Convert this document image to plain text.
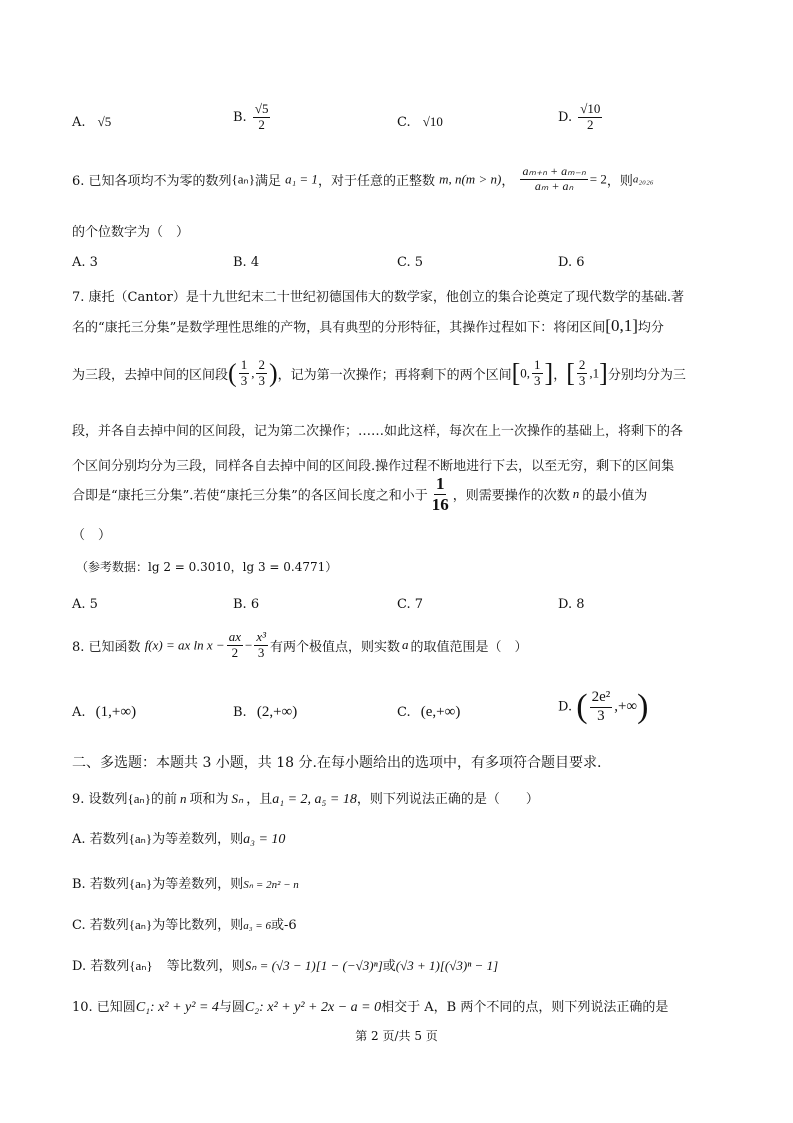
A. √5	B. $\frac{√5}{2}$	C. √10	D. $\frac{√10}{2}$
6. 已知各项均不为零的数列{aₙ}满足 a₁ = 1，对于任意的正整数 m, n(m > n)， $\frac{\text{aₘ₊ₙ + aₘ₋ₙ}}{\text{aₘ + aₙ}} = 2$，则a₂₀₂₆
的个位数字为（　）
A. 3	B. 4	C. 5	D. 6
7. 康托（Cantor）是十九世纪末二十世纪初德国伟大的数学家，他创立的集合论奠定了现代数学的基础.著
名的“康托三分集”是数学理性思维的产物，具有典型的分形特征，其操作过程如下：将闭区间[0,1]均分
为三段，去掉中间的区间段( $\frac{1}{3}$ , $\frac{2}{3}$ )，记为第一次操作；再将剩下的两个区间[0, $\frac{1}{3}$ ]，[ $\frac{2}{3} ,1$]分别均分为三
段，并各自去掉中间的区间段，记为第二次操作；……如此这样，每次在上一次操作的基础上，将剩下的各
个区间分别均分为三段，同样各自去掉中间的区间段.操作过程不断地进行下去，以至无穷，剩下的区间集
合即是“康托三分集”.若使“康托三分集”的各区间长度之和小于 $\frac{1}{16}$ ，则需要操作的次数 n 的最小值为
（　）
（参考数据：lg 2 = 0.3010，lg 3 = 0.4771）
A. 5	B. 6	C. 7	D. 8
8. 已知函数 f(x) = ax $\ln x - \frac{ax}{2} - \frac{\text{x³}}{3}$ 有两个极值点，则实数 a 的取值范围是（　）
A. (1,+∞)	B. (2,+∞)	C. (e,+∞)	D. ( $\frac{\text{2e²}}{3}$ ,+∞)
二、多选题：本题共 3 小题，共 18 分.在每小题给出的选项中，有多项符合题目要求.
9. 设数列{aₙ}的前 n 项和为 Sₙ ，且a₁ = 2, a₅ = 18，则下列说法正确的是（　　）
A. 若数列{aₙ}为等差数列，则a₃ = 10
B. 若数列{aₙ}为等差数列，则Sₙ = 2n² − n
C. 若数列{aₙ}为等比数列，则a₃ = 6或-6
D. 若数列{aₙ} 等比数列，则Sₙ = (√3 − 1)[1 − (−√3)ⁿ]或(√3 + 1)[(√3)ⁿ − 1]
10. 已知圆C₁: x² + y² = 4与圆C₂: x² + y² + 2x − a = 0相交于 A，B 两个不同的点，则下列说法正确的是
第 2 页/共 5 页
